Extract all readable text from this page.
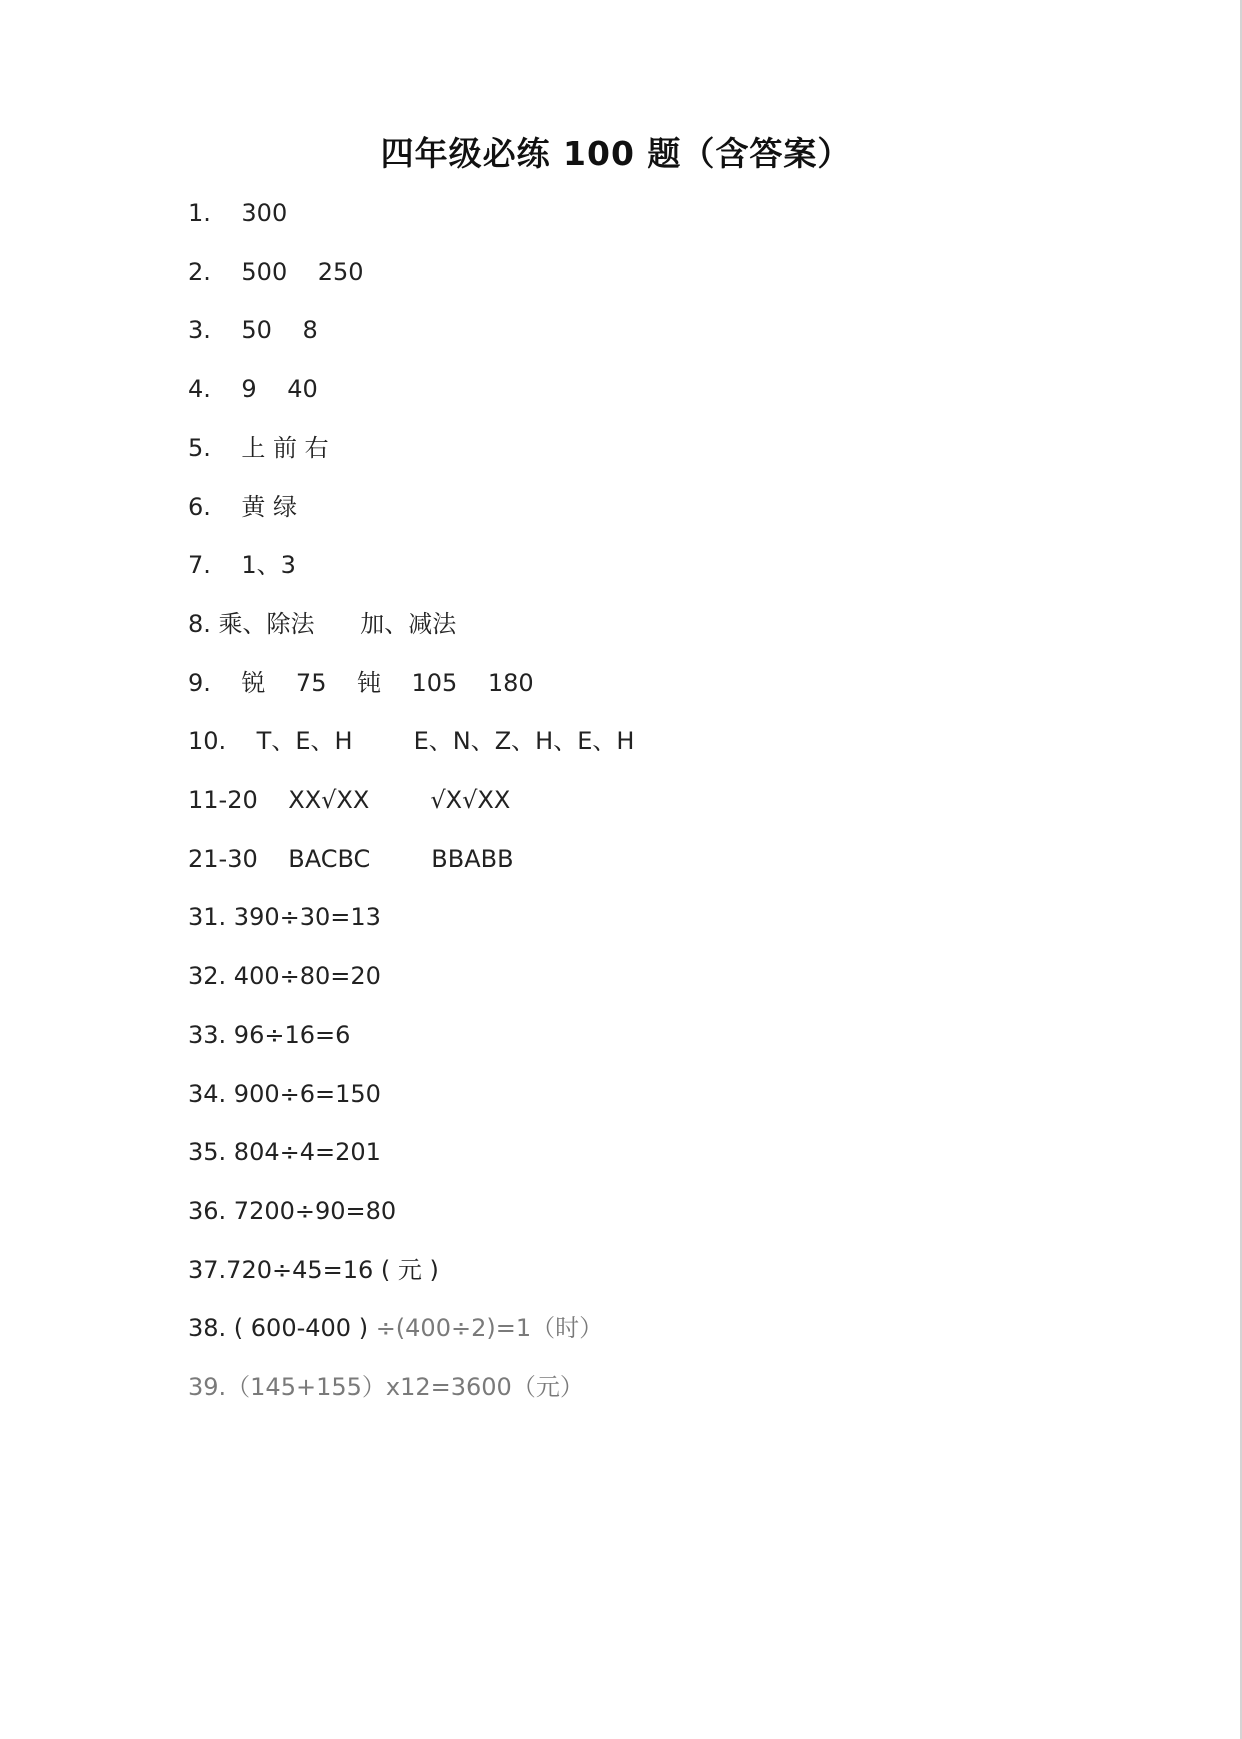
四年级必练 100 题（含答案）
1.    300
2.    500    250
3.    50    8
4.    9    40
5.    上 前 右
6.    黄 绿
7.    1、3
8. 乘、除法      加、减法
9.    锐    75    钝    105    180
10.    T、E、H        E、N、Z、H、E、H
11-20    XX√XX        √X√XX
21-30    BACBC        BBABB
31. 390÷30=13
32. 400÷80=20
33. 96÷16=6
34. 900÷6=150
35. 804÷4=201
36. 7200÷90=80
37.720÷45=16 ( 元 )
38. ( 600-400 ) ÷(400÷2)=1（时）
39.（145+155）x12=3600（元）
